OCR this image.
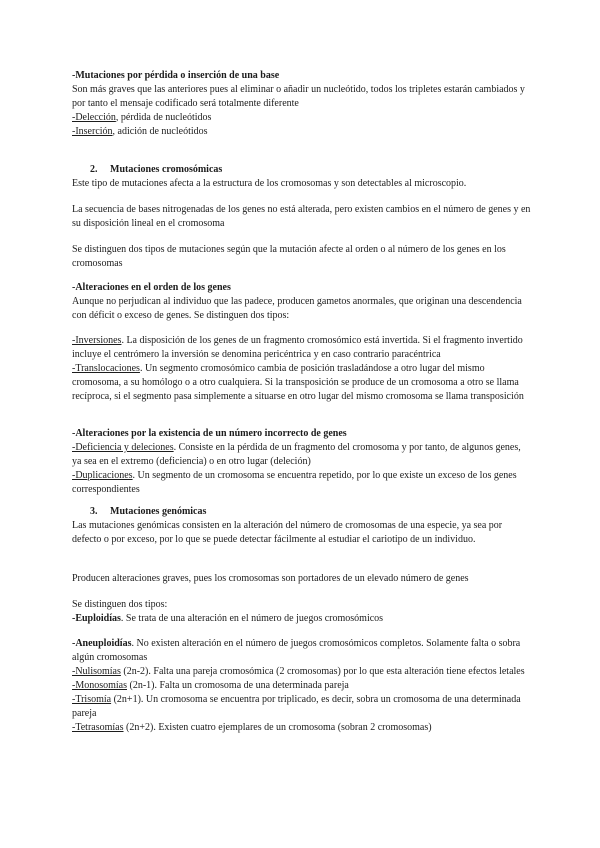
-Mutaciones por pérdida o inserción de una base

Son más graves que las anteriores pues al eliminar o añadir un nucleótido, todos los tripletes estarán cambiados y por tanto el mensaje codificado será totalmente diferente

-Delección, pérdida de nucleótidos

-Inserción, adición de nucleótidos

2. Mutaciones cromosómicas

Este tipo de mutaciones afecta a la estructura de los cromosomas y son detectables al microscopio.

La secuencia de bases nitrogenadas de los genes no está alterada, pero existen cambios en el número de genes y en su disposición lineal en el cromosoma

Se distinguen dos tipos de mutaciones según que la mutación afecte al orden o al número de los genes en los cromosomas

-Alteraciones en el orden de los genes

Aunque no perjudican al individuo que las padece, producen gametos anormales, que originan una descendencia con déficit o exceso de genes. Se distinguen dos tipos:

-Inversiones. La disposición de los genes de un fragmento cromosómico está invertida. Si el fragmento invertido incluye el centrómero la inversión se denomina pericéntrica y en caso contrario paracéntrica

-Translocaciones. Un segmento cromosómico cambia de posición trasladándose a otro lugar del mismo cromosoma, a su homólogo o a otro cualquiera. Si la transposición se produce de un cromosoma a otro se llama recíproca, si el segmento pasa simplemente a situarse en otro lugar del mismo cromosoma se llama transposición

-Alteraciones por la existencia de un número incorrecto de genes

-Deficiencia y deleciones. Consiste en la pérdida de un fragmento del cromosoma y por tanto, de algunos genes, ya sea en el extremo (deficiencia) o en otro lugar (deleción)

-Duplicaciones. Un segmento de un cromosoma se encuentra repetido, por lo que existe un exceso de los genes correspondientes

3. Mutaciones genómicas

Las mutaciones genómicas consisten en la alteración del número de cromosomas de una especie, ya sea por defecto o por exceso, por lo que se puede detectar fácilmente al estudiar el cariotipo de un individuo.

Producen alteraciones graves, pues los cromosomas son portadores de un elevado número de genes

Se distinguen dos tipos:

-Euploidías. Se trata de una alteración en el número de juegos cromosómicos

-Aneuploidías. No existen alteración en el número de juegos cromosómicos completos. Solamente falta o sobra algún cromosomas

-Nulisomías (2n-2). Falta una pareja cromosómica (2 cromosomas) por lo que esta alteración tiene efectos letales

-Monosomías (2n-1). Falta un cromosoma de una determinada pareja

-Trisomía (2n+1). Un cromosoma se encuentra por triplicado, es decir, sobra un cromosoma de una determinada pareja

-Tetrasomías (2n+2). Existen cuatro ejemplares de un cromosoma (sobran 2 cromosomas)
